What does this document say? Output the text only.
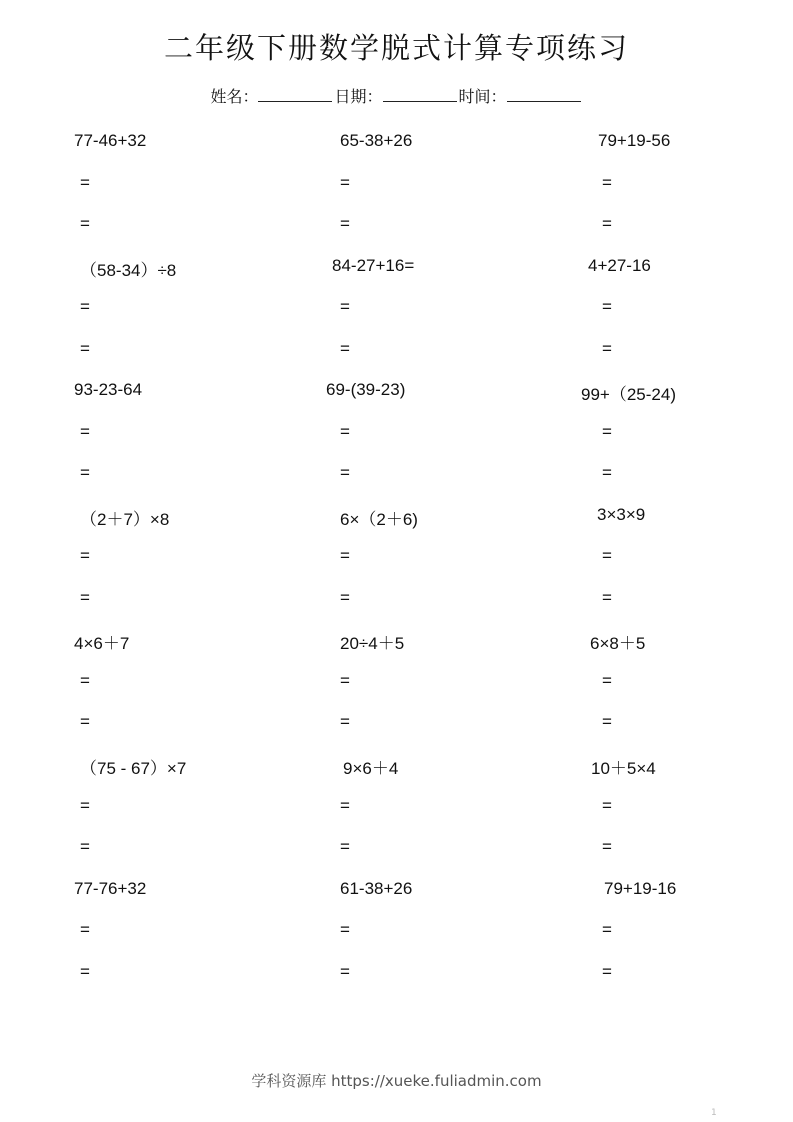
二年级下册数学脱式计算专项练习
姓名：	日期：	时间：
77-46+32
=
=
65-38+26
=
=
79+19-56
=
=
（58-34）÷8
=
=
84-27+16=
=
=
4+27-16
=
=
93-23-64
=
=
69-(39-23)
=
=
99+（25-24)
=
=
（2＋7）×8
=
=
6×（2＋6)
=
=
3×3×9
=
=
4×6＋7
=
=
20÷4＋5
=
=
6×8＋5
=
=
（75 - 67）×7
=
=
9×6＋4
=
=
10＋5×4
=
=
77-76+32
=
=
61-38+26
=
=
79+19-16
=
=
学科资源库 https://xueke.fuliadmin.com
1
